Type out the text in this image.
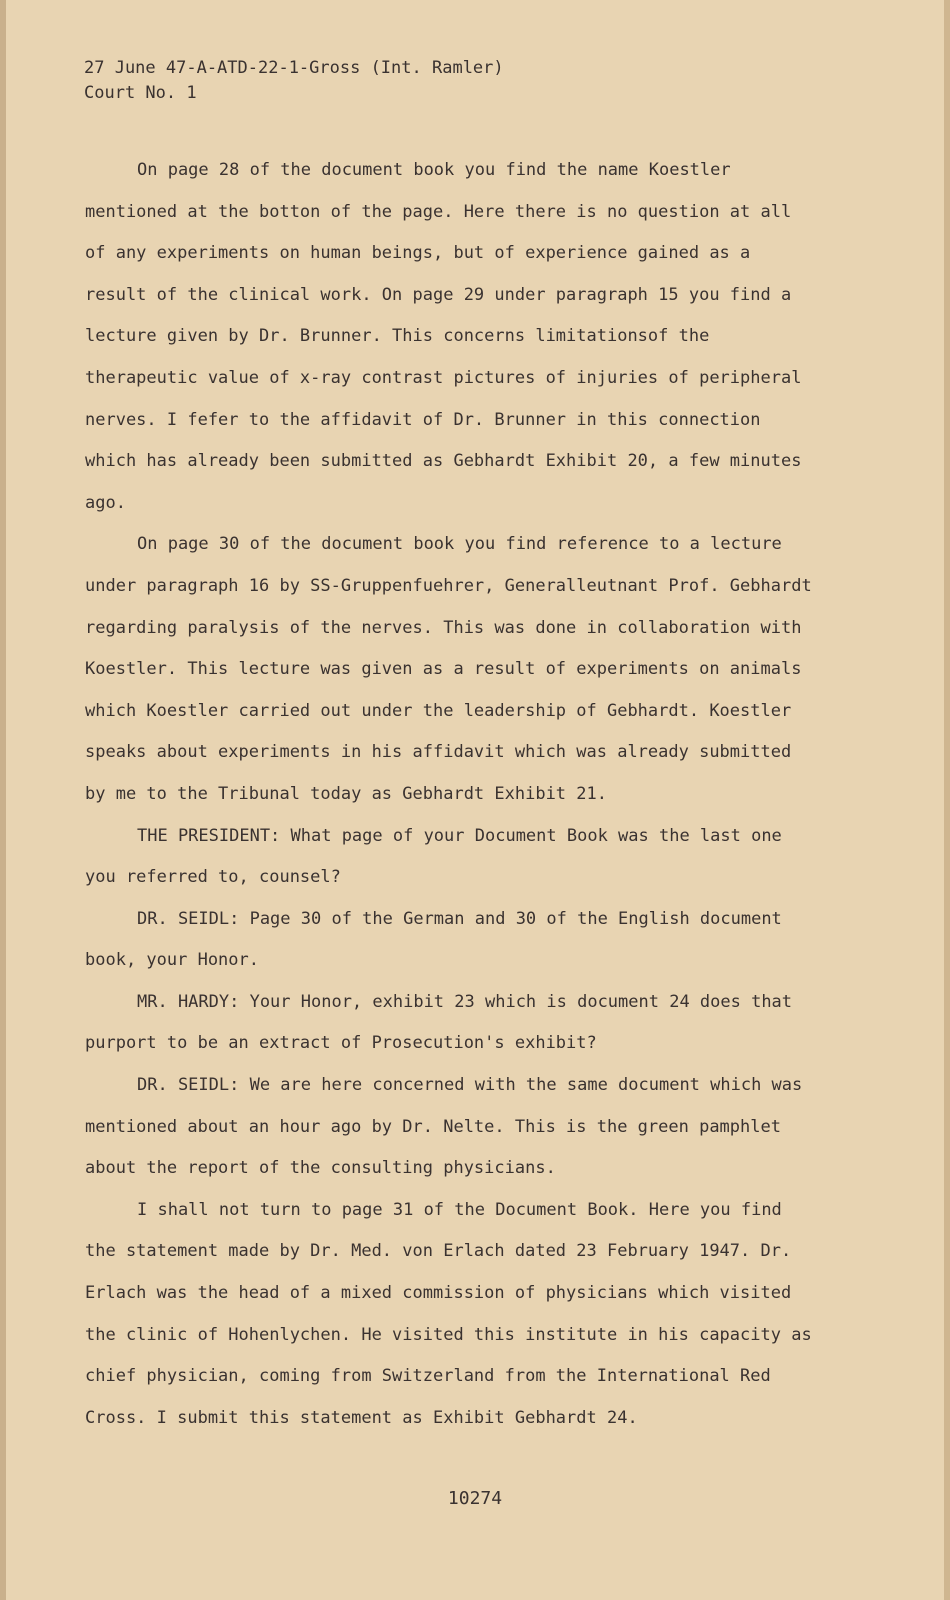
27 June 47-A-ATD-22-1-Gross (Int. Ramler)
Court No. 1

On page 28 of the document book you find the name Koestler mentioned at the botton of the page. Here there is no question at all of any experiments on human beings, but of experience gained as a result of the clinical work. On page 29 under paragraph 15 you find a lecture given by Dr. Brunner. This concerns limitationsof the therapeutic value of x-ray contrast pictures of injuries of peripheral nerves. I fefer to the affidavit of Dr. Brunner in this connection which has already been submitted as Gebhardt Exhibit 20, a few minutes ago.

On page 30 of the document book you find reference to a lecture under paragraph 16 by SS-Gruppenfuehrer, Generalleutnant Prof. Gebhardt regarding paralysis of the nerves. This was done in collaboration with Koestler. This lecture was given as a result of experiments on animals which Koestler carried out under the leadership of Gebhardt. Koestler speaks about experiments in his affidavit which was already submitted by me to the Tribunal today as Gebhardt Exhibit 21.

THE PRESIDENT: What page of your Document Book was the last one you referred to, counsel?

DR. SEIDL: Page 30 of the German and 30 of the English document book, your Honor.

MR. HARDY: Your Honor, exhibit 23 which is document 24 does that purport to be an extract of Prosecution's exhibit?

DR. SEIDL: We are here concerned with the same document which was mentioned about an hour ago by Dr. Nelte. This is the green pamphlet about the report of the consulting physicians.

I shall not turn to page 31 of the Document Book. Here you find the statement made by Dr. Med. von Erlach dated 23 February 1947. Dr. Erlach was the head of a mixed commission of physicians which visited the clinic of Hohenlychen. He visited this institute in his capacity as chief physician, coming from Switzerland from the International Red Cross. I submit this statement as Exhibit Gebhardt 24.

10274
